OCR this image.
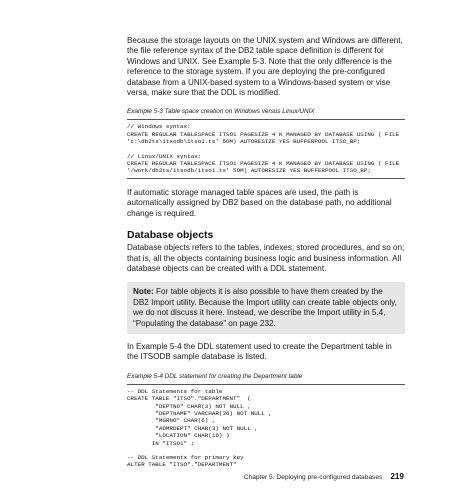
Because the storage layouts on the UNIX system and Windows are different, the file reference syntax of the DB2 table space definition is different for Windows and UNIX. See Example 5-3. Note that the only difference is the reference to the storage system. If you are deploying the pre-configured database from a UNIX-based system to a Windows-based system or vise versa, make sure that the DDL is modified.

Example 5-3 Table space creation on Windows versus Linux/UNIX
// Windows syntax:
CREATE REGULAR TABLESPACE ITSO1 PAGESIZE 4 K MANAGED BY DATABASE USING ( FILE
'c:\db2ts\itsodb\itso1.ts' 5OM) AUTORESIZE YES BUFFERPOOL ITSO_BP;
// Linux/UNIX syntax:
CREATE REGULAR TABLESPACE ITSO1 PAGESIZE 4 K MANAGED BY DATABASE USING ( FILE
'/work/db2ts/itsodb/itso1.ts' 5OM) AUTORESIZE YES BUFFERPOOL ITSO_BP;

If automatic storage managed table spaces are used, the path is automatically assigned by DB2 based on the database path, no additional change is required.

Database objects

Database objects refers to the tables, indexes, stored procedures, and so on; that is, all the objects containing business logic and business information. All database objects can be created with a DDL statement.

Note: For table objects it is also possible to have them created by the DB2 Import utility. Because the Import utility can create table objects only, we do not discuss it here. Instead, we describe the Import utility in 5.4, “Populating the database” on page 232.

In Example 5-4 the DDL statement used to create the Department table in the ITSODB sample database is listed.

Example 5-4 DDL statement for creating the Department table
-- DDL Statements for table
CREATE TABLE "ITSO"."DEPARTMENT"  (
"DEPTNO" CHAR(3) NOT NULL ,
"DEPTNAME" VARCHAR(36) NOT NULL ,
"MGRNO" CHAR(6) ,
"ADMRDEPT" CHAR(3) NOT NULL ,
"LOCATION" CHAR(16) )
IN "ITSO1" ;
-- DDL Statements for primary key
ALTER TABLE "ITSO"."DEPARTMENT"
Chapter 5. Deploying pre-configured databases 219
